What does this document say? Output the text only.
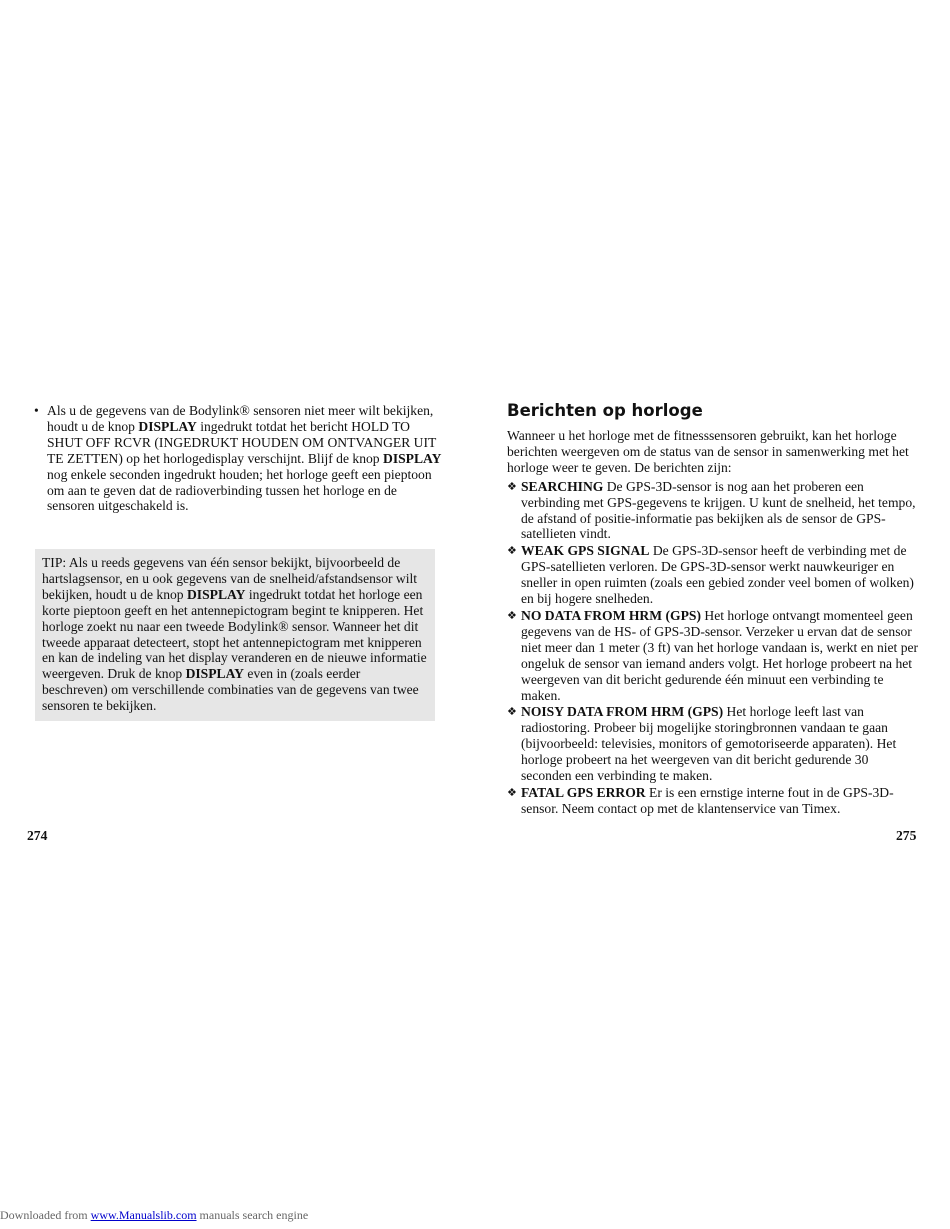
• Als u de gegevens van de Bodylink® sensoren niet meer wilt bekijken, houdt u de knop DISPLAY ingedrukt totdat het bericht HOLD TO SHUT OFF RCVR (INGEDRUKT HOUDEN OM ONTVANGER UIT TE ZETTEN) op het horlogedisplay verschijnt. Blijf de knop DISPLAY nog enkele seconden ingedrukt houden; het horloge geeft een pieptoon om aan te geven dat de radioverbinding tussen het horloge en de sensoren uitgeschakeld is.

TIP: Als u reeds gegevens van één sensor bekijkt, bijvoorbeeld de hartslagsensor, en u ook gegevens van de snelheid/afstandsensor wilt bekijken, houdt u de knop DISPLAY ingedrukt totdat het horloge een korte pieptoon geeft en het antennepictogram begint te knipperen. Het horloge zoekt nu naar een tweede Bodylink® sensor. Wanneer het dit tweede apparaat detecteert, stopt het antennepictogram met knipperen en kan de indeling van het display veranderen en de nieuwe informatie weergeven. Druk de knop DISPLAY even in (zoals eerder beschreven) om verschillende combinaties van de gegevens van twee sensoren te bekijken.
274
Berichten op horloge

Wanneer u het horloge met de fitnesssensoren gebruikt, kan het horloge berichten weergeven om de status van de sensor in samenwerking met het horloge weer te geven. De berichten zijn:

❖ SEARCHING De GPS-3D-sensor is nog aan het proberen een verbinding met GPS-gegevens te krijgen. U kunt de snelheid, het tempo, de afstand of positie-informatie pas bekijken als de sensor de GPS-satellieten vindt.
❖ WEAK GPS SIGNAL De GPS-3D-sensor heeft de verbinding met de GPS-satellieten verloren. De GPS-3D-sensor werkt nauwkeuriger en sneller in open ruimten (zoals een gebied zonder veel bomen of wolken) en bij hogere snelheden.
❖ NO DATA FROM HRM (GPS) Het horloge ontvangt momenteel geen gegevens van de HS- of GPS-3D-sensor. Verzeker u ervan dat de sensor niet meer dan 1 meter (3 ft) van het horloge vandaan is, werkt en niet per ongeluk de sensor van iemand anders volgt. Het horloge probeert na het weergeven van dit bericht gedurende één minuut een verbinding te maken.
❖ NOISY DATA FROM HRM (GPS) Het horloge leeft last van radiostoring. Probeer bij mogelijke storingbronnen vandaan te gaan (bijvoorbeeld: televisies, monitors of gemotoriseerde apparaten). Het horloge probeert na het weergeven van dit bericht gedurende 30 seconden een verbinding te maken.
❖ FATAL GPS ERROR Er is een ernstige interne fout in de GPS-3D-sensor. Neem contact op met de klantenservice van Timex.
275
Downloaded from www.Manualslib.com manuals search engine
